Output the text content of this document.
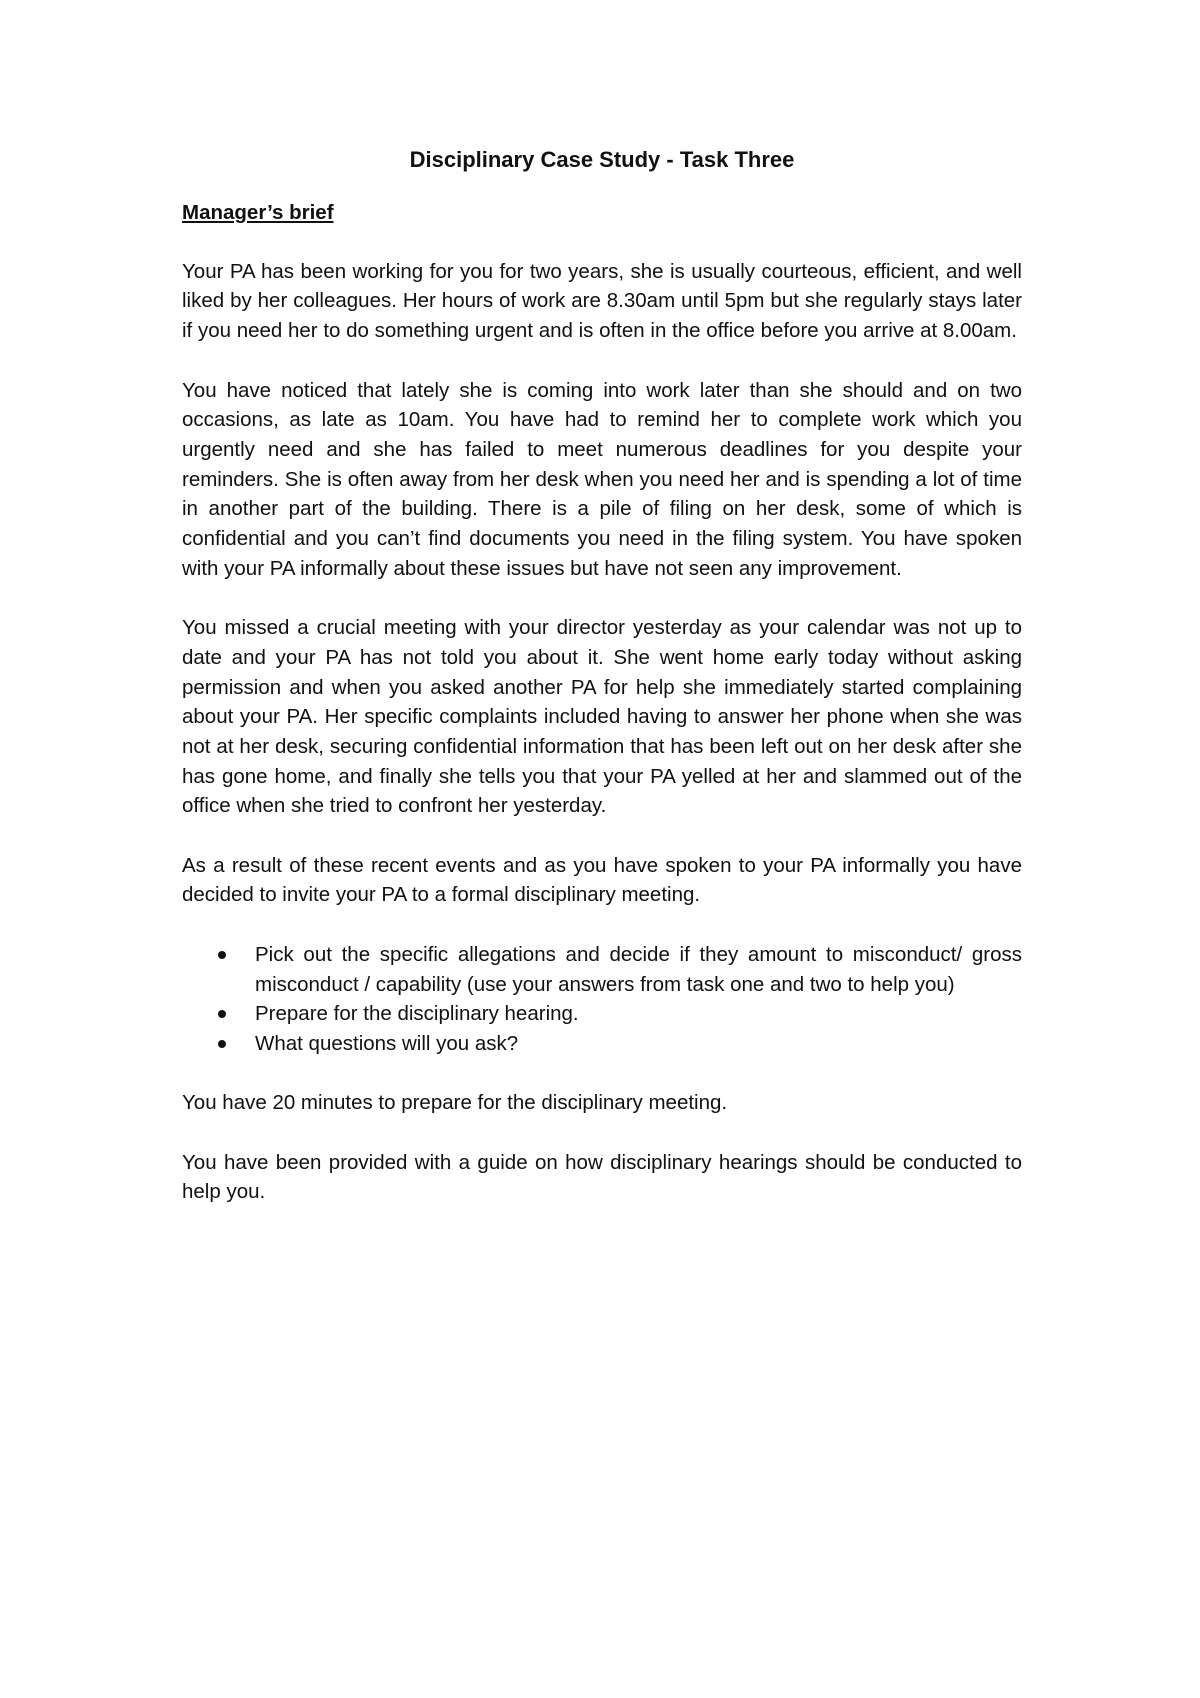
Disciplinary Case Study - Task Three
Manager’s brief

Your PA has been working for you for two years, she is usually courteous, efficient, and well liked by her colleagues. Her hours of work are 8.30am until 5pm but she regularly stays later if you need her to do something urgent and is often in the office before you arrive at 8.00am.

You have noticed that lately she is coming into work later than she should and on two occasions, as late as 10am. You have had to remind her to complete work which you urgently need and she has failed to meet numerous deadlines for you despite your reminders. She is often away from her desk when you need her and is spending a lot of time in another part of the building. There is a pile of filing on her desk, some of which is confidential and you can’t find documents you need in the filing system. You have spoken with your PA informally about these issues but have not seen any improvement.

You missed a crucial meeting with your director yesterday as your calendar was not up to date and your PA has not told you about it. She went home early today without asking permission and when you asked another PA for help she immediately started complaining about your PA. Her specific complaints included having to answer her phone when she was not at her desk, securing confidential information that has been left out on her desk after she has gone home, and finally she tells you that your PA yelled at her and slammed out of the office when she tried to confront her yesterday.

As a result of these recent events and as you have spoken to your PA informally you have decided to invite your PA to a formal disciplinary meeting.

Pick out the specific allegations and decide if they amount to misconduct/ gross misconduct / capability (use your answers from task one and two to help you)
Prepare for the disciplinary hearing.
What questions will you ask?

You have 20 minutes to prepare for the disciplinary meeting.

You have been provided with a guide on how disciplinary hearings should be conducted to help you.
